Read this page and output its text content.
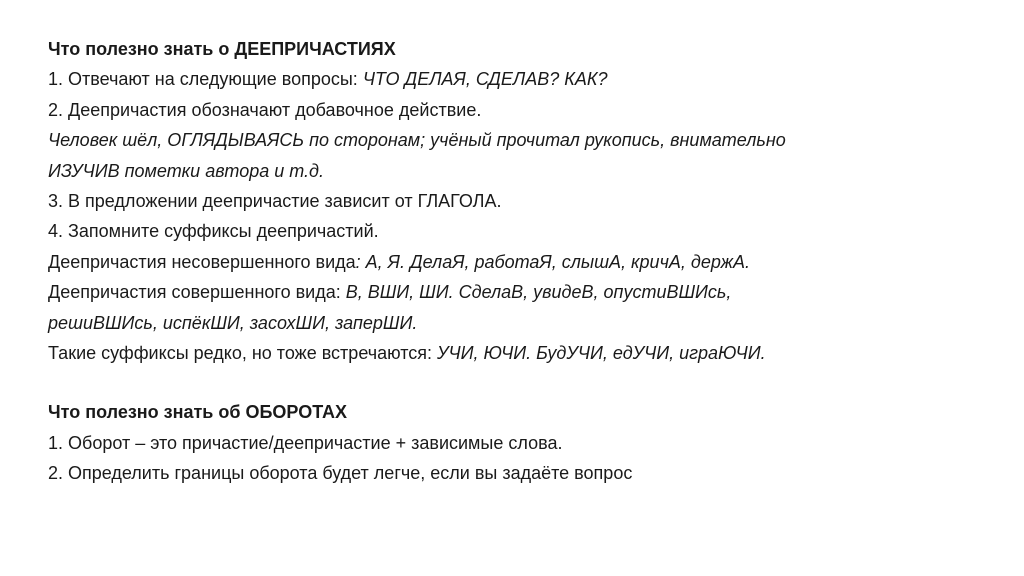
Что полезно знать о ДЕЕПРИЧАСТИЯХ
1. Отвечают на следующие вопросы: ЧТО ДЕЛАЯ, СДЕЛАВ? КАК?
2. Деепричастия обозначают добавочное действие.
Человек шёл, ОГЛЯДЫВАЯСЬ по сторонам; учёный прочитал рукопись, внимательно
ИЗУЧИВ пометки автора и т.д.
3. В предложении деепричастие зависит от ГЛАГОЛА.
4. Запомните суффиксы деепричастий.
Деепричастия несовершенного вида: А, Я. ДелаЯ, работаЯ, слышА, кричА, держА.
Деепричастия совершенного вида: В, ВШИ, ШИ. СделаВ, увидеВ, опустиВШИсь,
решиВШИсь, испёкШИ, засохШИ, заперШИ.
Такие суффиксы редко, но тоже встречаются: УЧИ, ЮЧИ. БудУЧИ, едУЧИ, играЮЧИ.
Что полезно знать об ОБОРОТАХ
1. Оборот – это причастие/деепричастие + зависимые слова.
2. Определить границы оборота будет легче, если вы задаёте вопрос
